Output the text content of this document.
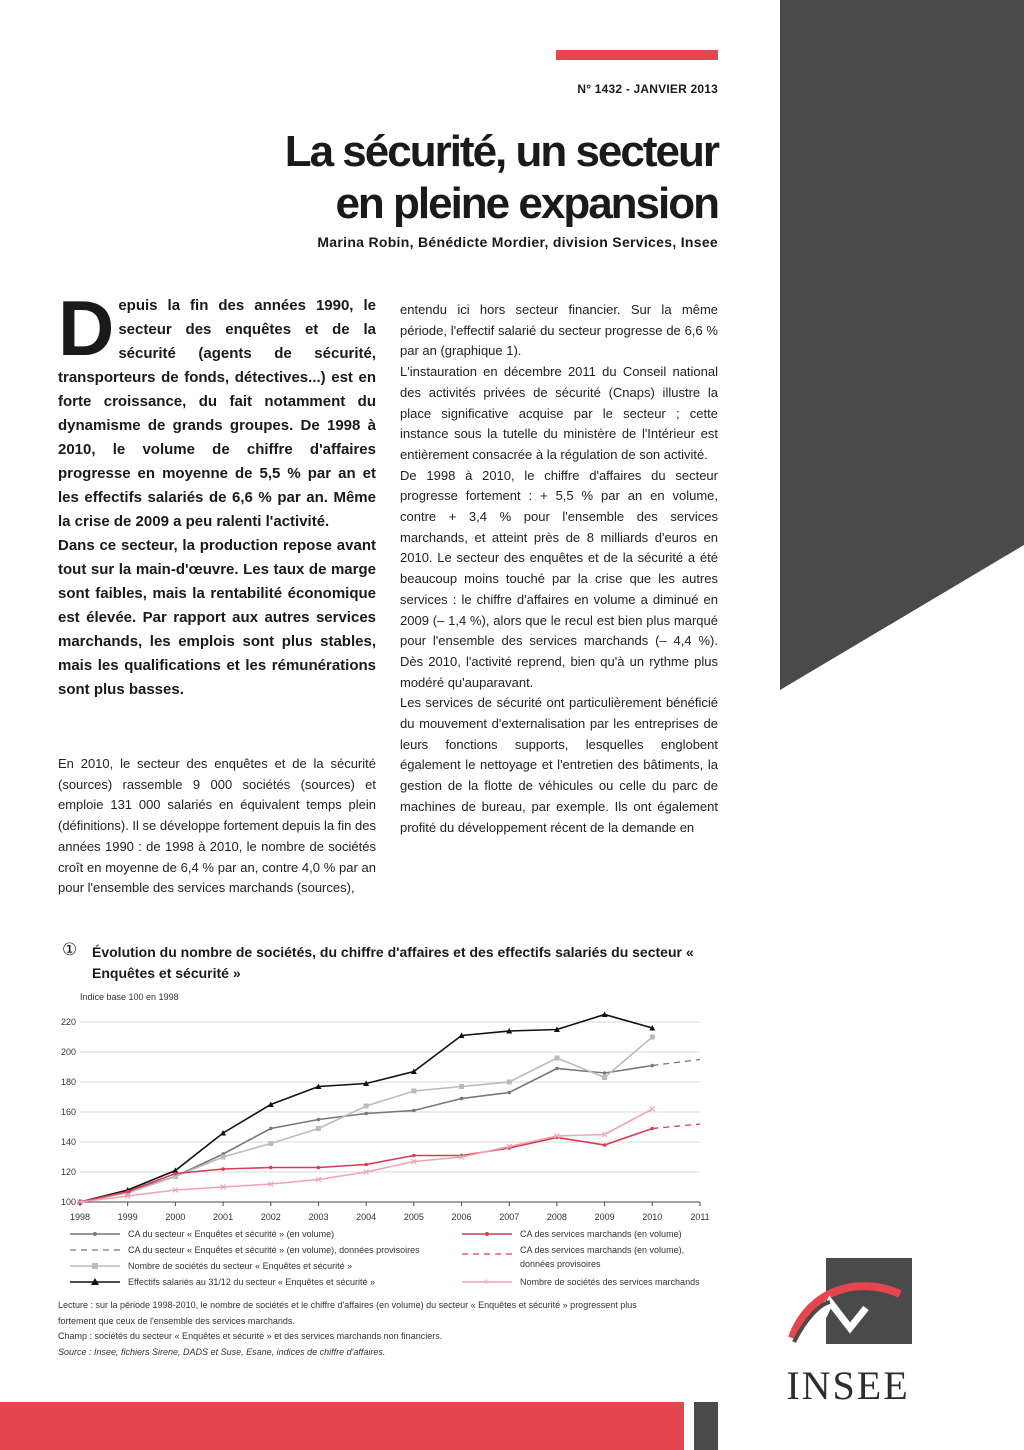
N° 1432 - JANVIER 2013
La sécurité, un secteur
en pleine expansion
Marina Robin, Bénédicte Mordier, division Services, Insee

Depuis la fin des années 1990, le secteur des enquêtes et de la sécurité (agents de sécurité, transporteurs de fonds, détectives...) est en forte croissance, du fait notamment du dynamisme de grands groupes. De 1998 à 2010, le volume de chiffre d'affaires progresse en moyenne de 5,5 % par an et les effectifs salariés de 6,6 % par an. Même la crise de 2009 a peu ralenti l'activité.

Dans ce secteur, la production repose avant tout sur la main-d'œuvre. Les taux de marge sont faibles, mais la rentabilité économique est élevée. Par rapport aux autres services marchands, les emplois sont plus stables, mais les qualifications et les rémunérations sont plus basses.

En 2010, le secteur des enquêtes et de la sécurité (sources) rassemble 9 000 sociétés (sources) et emploie 131 000 salariés en équivalent temps plein (définitions). Il se développe fortement depuis la fin des années 1990 : de 1998 à 2010, le nombre de sociétés croît en moyenne de 6,4 % par an, contre 4,0 % par an pour l'ensemble des services marchands (sources),

entendu ici hors secteur financier. Sur la même période, l'effectif salarié du secteur progresse de 6,6 % par an (graphique 1).

L'instauration en décembre 2011 du Conseil national des activités privées de sécurité (Cnaps) illustre la place significative acquise par le secteur ; cette instance sous la tutelle du ministère de l'Intérieur est entièrement consacrée à la régulation de son activité.

De 1998 à 2010, le chiffre d'affaires du secteur progresse fortement : + 5,5 % par an en volume, contre + 3,4 % pour l'ensemble des services marchands, et atteint près de 8 milliards d'euros en 2010. Le secteur des enquêtes et de la sécurité a été beaucoup moins touché par la crise que les autres services : le chiffre d'affaires en volume a diminué en 2009 (– 1,4 %), alors que le recul est bien plus marqué pour l'ensemble des services marchands (– 4,4 %). Dès 2010, l'activité reprend, bien qu'à un rythme plus modéré qu'auparavant.

Les services de sécurité ont particulièrement bénéficié du mouvement d'externalisation par les entreprises de leurs fonctions supports, lesquelles englobent également le nettoyage et l'entretien des bâtiments, la gestion de la flotte de véhicules ou celle du parc de machines de bureau, par exemple. Ils ont également profité du développement récent de la demande en

① Évolution du nombre de sociétés, du chiffre d'affaires et des effectifs salariés du secteur « Enquêtes et sécurité »
Indice base 100 en 1998
100
120
140
160
180
200
220
1998	1999	2000	2001	2002	2003	2004	2005	2006	2007	2008	2009	2010	2011
CA du secteur « Enquêtes et sécurité » (en volume)
CA du secteur « Enquêtes et sécurité » (en volume), données provisoires
Nombre de sociétés du secteur « Enquêtes et sécurité »
Effectifs salariés au 31/12 du secteur « Enquêtes et sécurité »
CA des services marchands (en volume)
CA des services marchands (en volume),
données provisoires
×	Nombre de sociétés des services marchands
Lecture : sur la période 1998-2010, le nombre de sociétés et le chiffre d'affaires (en volume) du secteur « Enquêtes et sécurité » progressent plus
fortement que ceux de l'ensemble des services marchands.
Champ : sociétés du secteur « Enquêtes et sécurité » et des services marchands non financiers.
Source : Insee, fichiers Sirene, DADS et Suse, Esane, indices de chiffre d'affaires.
INSEE
